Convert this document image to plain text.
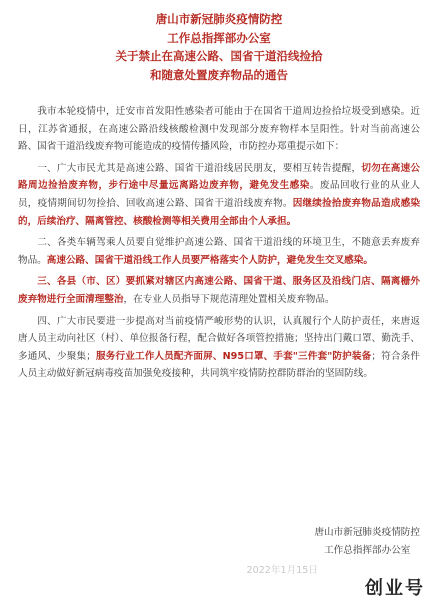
唐山市新冠肺炎疫情防控
工作总指挥部办公室
关于禁止在高速公路、国省干道沿线捡拾
和随意处置废弃物品的通告

我市本轮疫情中，迁安市首发阳性感染者可能由于在国省干道周边捡拾垃圾受到感染。近日，江苏省通报，在高速公路沿线核酸检测中发现部分废弃物样本呈阳性。针对当前高速公路、国省干道沿线废弃物可能造成的疫情传播风险，市防控办郑重提示如下：

一、广大市民尤其是高速公路、国省干道沿线居民朋友，要相互转告提醒，切勿在高速公路周边捡拾废弃物，步行途中尽量远离路边废弃物，避免发生感染。废品回收行业的从业人员，疫情期间切勿捡拾、回收高速公路、国省干道沿线废弃物。因继续捡拾废弃物品造成感染的，后续治疗、隔离管控、核酸检测等相关费用全部由个人承担。

二、各类车辆驾乘人员要自觉维护高速公路、国省干道沿线的环境卫生，不随意丢弃废弃物品。高速公路、国省干道沿线工作人员要严格落实个人防护，避免发生交叉感染。

三、各县（市、区）要抓紧对辖区内高速公路、国省干道、服务区及沿线门店、隔离栅外废弃物进行全面清理整治，在专业人员指导下规范清理处置相关废弃物品。

四、广大市民要进一步提高对当前疫情严峻形势的认识，认真履行个人防护责任，来唐返唐人员主动向社区（村）、单位报备行程，配合做好各项管控措施；坚持出门戴口罩、勤洗手、多通风、少聚集；服务行业工作人员配齐面屏、N95口罩、手套"三件套"防护装备；符合条件人员主动做好新冠病毒疫苗加强免疫接种，共同筑牢疫情防控群防群治的坚固防线。

唐山市新冠肺炎疫情防控
工作总指挥部办公室
2022年1月15日
创业号
